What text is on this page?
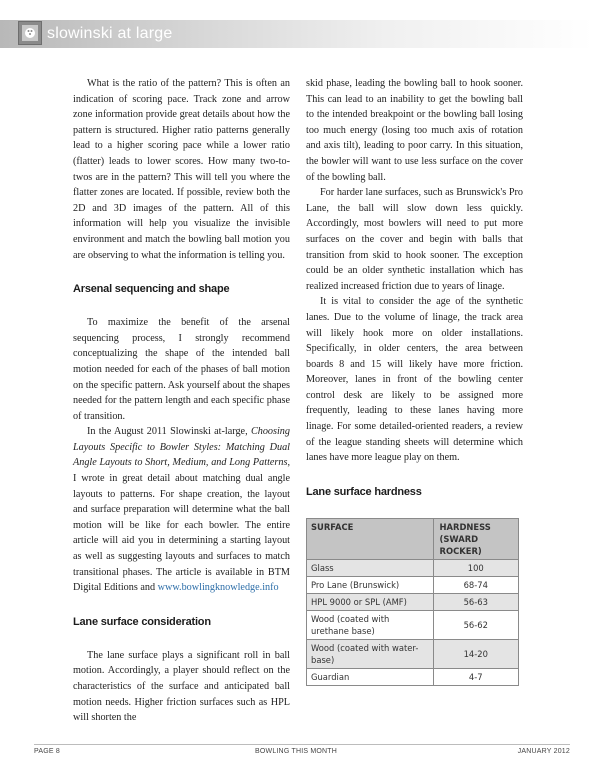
slowinski at large

What is the ratio of the pattern? This is often an indication of scoring pace. Track zone and arrow zone information provide great details about how the pattern is structured. Higher ratio patterns generally lead to a higher scoring pace while a lower ratio (flatter) leads to lower scores. How many two-to-twos are in the pattern? This will tell you where the flatter zones are located. If possible, review both the 2D and 3D images of the pattern. All of this information will help you visualize the invisible environment and match the bowling ball motion you are observing to what the information is telling you.

Arsenal sequencing and shape

To maximize the benefit of the arsenal sequencing process, I strongly recommend conceptualizing the shape of the intended ball motion needed for each of the phases of ball motion on the specific pattern. Ask yourself about the shapes needed for the pattern length and each specific phase of transition.

In the August 2011 Slowinski at-large, Choosing Layouts Specific to Bowler Styles: Matching Dual Angle Layouts to Short, Medium, and Long Patterns, I wrote in great detail about matching dual angle layouts to patterns. For shape creation, the layout and surface preparation will determine what the ball motion will be like for each bowler. The entire article will aid you in determining a starting layout as well as suggesting layouts and surfaces to match transitional phases. The article is available in BTM Digital Editions and www.bowlingknowledge.info

Lane surface consideration

The lane surface plays a significant roll in ball motion. Accordingly, a player should reflect on the characteristics of the surface and anticipated ball motion needs. Higher friction surfaces such as HPL will shorten the

skid phase, leading the bowling ball to hook sooner. This can lead to an inability to get the bowling ball to the intended breakpoint or the bowling ball losing too much energy (losing too much axis of rotation and axis tilt), leading to poor carry. In this situation, the bowler will want to use less surface on the cover of the bowling ball.

For harder lane surfaces, such as Brunswick's Pro Lane, the ball will slow down less quickly. Accordingly, most bowlers will need to put more surfaces on the cover and begin with balls that transition from skid to hook sooner. The exception could be an older synthetic installation which has realized increased friction due to years of linage.

It is vital to consider the age of the synthetic lanes. Due to the volume of linage, the track area will likely hook more on older installations. Specifically, in older centers, the area between boards 8 and 15 will likely have more friction. Moreover, lanes in front of the bowling center control desk are likely to be assigned more frequently, leading to these lanes having more linage. For some detailed-oriented readers, a review of the league standing sheets will determine which lanes have more league play on them.

Lane surface hardness
SURFACE	HARDNESS
(SWARD ROCKER)
Glass	100
Pro Lane (Brunswick)	68-74
HPL 9000 or SPL (AMF)	56-63
Wood (coated with urethane base)	56-62
Wood (coated with water-base)	14-20
Guardian	4-7
PAGE 8	BOWLING THIS MONTH	JANUARY 2012
